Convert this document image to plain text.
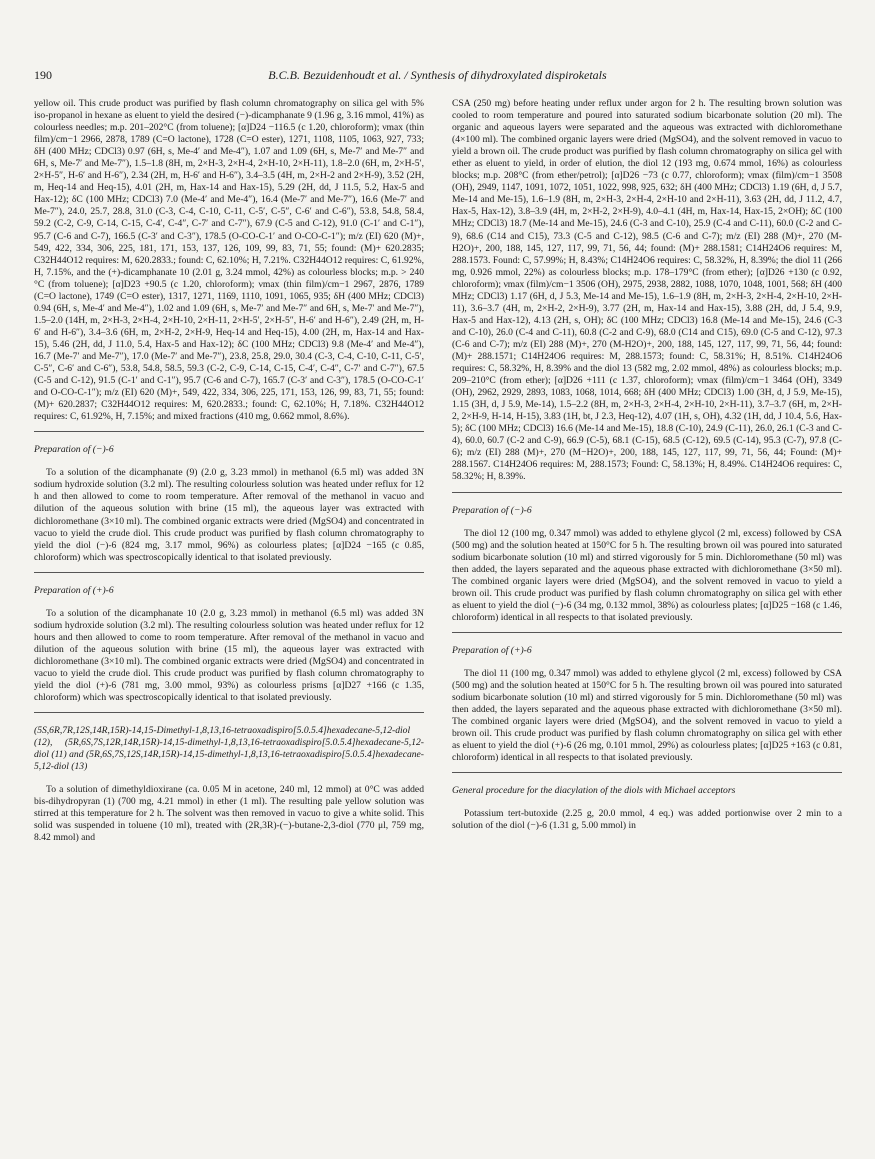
190	B.C.B. Bezuidenhoudt et al. / Synthesis of dihydroxylated dispiroketals

yellow oil. This crude product was purified by flash column chromatography on silica gel with 5% iso-propanol in hexane as eluent to yield the desired (−)-dicamphanate 9 (1.96 g, 3.16 mmol, 41%) as colourless needles; m.p. 201–202°C (from toluene); [α]D24 −116.5 (c 1.20, chloroform); νmax (thin film)/cm−1 2966, 2878, 1789 (C=O lactone), 1728 (C=O ester), 1271, 1108, 1105, 1063, 927, 733; δH (400 MHz; CDCl3) 0.97 (6H, s, Me-4′ and Me-4″), 1.07 and 1.09 (6H, s, Me-7′ and Me-7″ and 6H, s, Me-7′ and Me-7″), 1.5–1.8 (8H, m, 2×H-3, 2×H-4, 2×H-10, 2×H-11), 1.8–2.0 (6H, m, 2×H-5′, 2×H-5″, H-6′ and H-6″), 2.34 (2H, m, H-6′ and H-6″), 3.4–3.5 (4H, m, 2×H-2 and 2×H-9), 3.52 (2H, m, Heq-14 and Heq-15), 4.01 (2H, m, Hax-14 and Hax-15), 5.29 (2H, dd, J 11.5, 5.2, Hax-5 and Hax-12); δC (100 MHz; CDCl3) 7.0 (Me-4′ and Me-4″), 16.4 (Me-7′ and Me-7″), 16.6 (Me-7′ and Me-7″), 24.0, 25.7, 28.8, 31.0 (C-3, C-4, C-10, C-11, C-5′, C-5″, C-6′ and C-6″), 53.8, 54.8, 58.4, 59.2 (C-2, C-9, C-14, C-15, C-4′, C-4″, C-7′ and C-7″), 67.9 (C-5 and C-12), 91.0 (C-1′ and C-1″), 95.7 (C-6 and C-7), 166.5 (C-3′ and C-3″), 178.5 (O-CO-C-1′ and O-CO-C-1″); m/z (EI) 620 (M)+, 549, 422, 334, 306, 225, 181, 171, 153, 137, 126, 109, 99, 83, 71, 55; found: (M)+ 620.2835; C32H44O12 requires: M, 620.2833.; found: C, 62.10%; H, 7.21%. C32H44O12 requires: C, 61.92%, H, 7.15%, and the (+)-dicamphanate 10 (2.01 g, 3.24 mmol, 42%) as colourless blocks; m.p. > 240 °C (from toluene); [α]D23 +90.5 (c 1.20, chloroform); νmax (thin film)/cm−1 2967, 2876, 1789 (C=O lactone), 1749 (C=O ester), 1317, 1271, 1169, 1110, 1091, 1065, 935; δH (400 MHz; CDCl3) 0.94 (6H, s, Me-4′ and Me-4″), 1.02 and 1.09 (6H, s, Me-7′ and Me-7″ and 6H, s, Me-7′ and Me-7″), 1.5–2.0 (14H, m, 2×H-3, 2×H-4, 2×H-10, 2×H-11, 2×H-5′, 2×H-5″, H-6′ and H-6″), 2.49 (2H, m, H-6′ and H-6″), 3.4–3.6 (6H, m, 2×H-2, 2×H-9, Heq-14 and Heq-15), 4.00 (2H, m, Hax-14 and Hax-15), 5.46 (2H, dd, J 11.0, 5.4, Hax-5 and Hax-12); δC (100 MHz; CDCl3) 9.8 (Me-4′ and Me-4″), 16.7 (Me-7′ and Me-7″), 17.0 (Me-7′ and Me-7″), 23.8, 25.8, 29.0, 30.4 (C-3, C-4, C-10, C-11, C-5′, C-5″, C-6′ and C-6″), 53.8, 54.8, 58.5, 59.3 (C-2, C-9, C-14, C-15, C-4′, C-4″, C-7′ and C-7″), 67.5 (C-5 and C-12), 91.5 (C-1′ and C-1″), 95.7 (C-6 and C-7), 165.7 (C-3′ and C-3″), 178.5 (O-CO-C-1′ and O-CO-C-1″); m/z (EI) 620 (M)+, 549, 422, 334, 306, 225, 171, 153, 126, 99, 83, 71, 55; found: (M)+ 620.2837; C32H44O12 requires: M, 620.2833.; found: C, 62.10%; H, 7.18%. C32H44O12 requires: C, 61.92%, H, 7.15%; and mixed fractions (410 mg, 0.662 mmol, 8.6%).

Preparation of (−)-6

To a solution of the dicamphanate (9) (2.0 g, 3.23 mmol) in methanol (6.5 ml) was added 3N sodium hydroxide solution (3.2 ml). The resulting colourless solution was heated under reflux for 12 h and then allowed to come to room temperature. After removal of the methanol in vacuo and dilution of the aqueous solution with brine (15 ml), the aqueous layer was extracted with dichloromethane (3×10 ml). The combined organic extracts were dried (MgSO4) and concentrated in vacuo to yield the crude diol. This crude product was purified by flash column chromatography to yield the diol (−)-6 (824 mg, 3.17 mmol, 96%) as colourless plates; [α]D24 −165 (c 0.85, chloroform) which was spectroscopically identical to that isolated previously.

Preparation of (+)-6

To a solution of the dicamphanate 10 (2.0 g, 3.23 mmol) in methanol (6.5 ml) was added 3N sodium hydroxide solution (3.2 ml). The resulting colourless solution was heated under reflux for 12 hours and then allowed to come to room temperature. After removal of the methanol in vacuo and dilution of the aqueous solution with brine (15 ml), the aqueous layer was extracted with dichloromethane (3×10 ml). The combined organic extracts were dried (MgSO4) and concentrated in vacuo to yield the crude diol. This crude product was purified by flash column chromatography to yield the diol (+)-6 (781 mg, 3.00 mmol, 93%) as colourless prisms [α]D27 +166 (c 1.35, chloroform) which was spectroscopically identical to that isolated previously.

(5S,6R,7R,12S,14R,15R)-14,15-Dimethyl-1,8,13,16-tetraoxadispiro[5.0.5.4]hexadecane-5,12-diol (12), (5R,6S,7S,12R,14R,15R)-14,15-dimethyl-1,8,13,16-tetraoxadispiro[5.0.5.4]hexadecane-5,12-diol (11) and (5R,6S,7S,12S,14R,15R)-14,15-dimethyl-1,8,13,16-tetraoxadispiro[5.0.5.4]hexadecane-5,12-diol (13)

To a solution of dimethyldioxirane (ca. 0.05 M in acetone, 240 ml, 12 mmol) at 0°C was added bis-dihydropyran (1) (700 mg, 4.21 mmol) in ether (1 ml). The resulting pale yellow solution was stirred at this temperature for 2 h. The solvent was then removed in vacuo to give a white solid. This solid was suspended in toluene (10 ml), treated with (2R,3R)-(−)-butane-2,3-diol (770 μl, 759 mg, 8.42 mmol) and

CSA (250 mg) before heating under reflux under argon for 2 h. The resulting brown solution was cooled to room temperature and poured into saturated sodium bicarbonate solution (20 ml). The organic and aqueous layers were separated and the aqueous was extracted with dichloromethane (4×100 ml). The combined organic layers were dried (MgSO4), and the solvent removed in vacuo to yield a brown oil. The crude product was purified by flash column chromatography on silica gel with ether as eluent to yield, in order of elution, the diol 12 (193 mg, 0.674 mmol, 16%) as colourless blocks; m.p. 208°C (from ether/petrol); [α]D26 −73 (c 0.77, chloroform); νmax (film)/cm−1 3508 (OH), 2949, 1147, 1091, 1072, 1051, 1022, 998, 925, 632; δH (400 MHz; CDCl3) 1.19 (6H, d, J 5.7, Me-14 and Me-15), 1.6–1.9 (8H, m, 2×H-3, 2×H-4, 2×H-10 and 2×H-11), 3.63 (2H, dd, J 11.2, 4.7, Hax-5, Hax-12), 3.8–3.9 (4H, m, 2×H-2, 2×H-9), 4.0–4.1 (4H, m, Hax-14, Hax-15, 2×OH); δC (100 MHz; CDCl3) 18.7 (Me-14 and Me-15), 24.6 (C-3 and C-10), 25.9 (C-4 and C-11), 60.0 (C-2 and C-9), 68.6 (C14 and C15), 73.3 (C-5 and C-12), 98.5 (C-6 and C-7); m/z (EI) 288 (M)+, 270 (M-H2O)+, 200, 188, 145, 127, 117, 99, 71, 56, 44; found: (M)+ 288.1581; C14H24O6 requires: M, 288.1573. Found: C, 57.99%; H, 8.43%; C14H24O6 requires: C, 58.32%, H, 8.39%; the diol 11 (266 mg, 0.926 mmol, 22%) as colourless blocks; m.p. 178–179°C (from ether); [α]D26 +130 (c 0.92, chloroform); νmax (film)/cm−1 3506 (OH), 2975, 2938, 2882, 1088, 1070, 1048, 1001, 568; δH (400 MHz; CDCl3) 1.17 (6H, d, J 5.3, Me-14 and Me-15), 1.6–1.9 (8H, m, 2×H-3, 2×H-4, 2×H-10, 2×H-11), 3.6–3.7 (4H, m, 2×H-2, 2×H-9), 3.77 (2H, m, Hax-14 and Hax-15), 3.88 (2H, dd, J 5.4, 9.9, Hax-5 and Hax-12), 4.13 (2H, s, OH); δC (100 MHz; CDCl3) 16.8 (Me-14 and Me-15), 24.6 (C-3 and C-10), 26.0 (C-4 and C-11), 60.8 (C-2 and C-9), 68.0 (C14 and C15), 69.0 (C-5 and C-12), 97.3 (C-6 and C-7); m/z (EI) 288 (M)+, 270 (M-H2O)+, 200, 188, 145, 127, 117, 99, 71, 56, 44; found: (M)+ 288.1571; C14H24O6 requires: M, 288.1573; found: C, 58.31%; H, 8.51%. C14H24O6 requires: C, 58.32%, H, 8.39% and the diol 13 (582 mg, 2.02 mmol, 48%) as colourless blocks; m.p. 209–210°C (from ether); [α]D26 +111 (c 1.37, chloroform); νmax (film)/cm−1 3464 (OH), 3349 (OH), 2962, 2929, 2893, 1083, 1068, 1014, 668; δH (400 MHz; CDCl3) 1.00 (3H, d, J 5.9, Me-15), 1.15 (3H, d, J 5.9, Me-14), 1.5–2.2 (8H, m, 2×H-3, 2×H-4, 2×H-10, 2×H-11), 3.7–3.7 (6H, m, 2×H-2, 2×H-9, H-14, H-15), 3.83 (1H, bt, J 2.3, Heq-12), 4.07 (1H, s, OH), 4.32 (1H, dd, J 10.4, 5.6, Hax-5); δC (100 MHz; CDCl3) 16.6 (Me-14 and Me-15), 18.8 (C-10), 24.9 (C-11), 26.0, 26.1 (C-3 and C-4), 60.0, 60.7 (C-2 and C-9), 66.9 (C-5), 68.1 (C-15), 68.5 (C-12), 69.5 (C-14), 95.3 (C-7), 97.8 (C-6); m/z (EI) 288 (M)+, 270 (M−H2O)+, 200, 188, 145, 127, 117, 99, 71, 56, 44; Found: (M)+ 288.1567. C14H24O6 requires: M, 288.1573; Found: C, 58.13%; H, 8.49%. C14H24O6 requires: C, 58.32%; H, 8.39%.

Preparation of (−)-6

The diol 12 (100 mg, 0.347 mmol) was added to ethylene glycol (2 ml, excess) followed by CSA (500 mg) and the solution heated at 150°C for 5 h. The resulting brown oil was poured into saturated sodium bicarbonate solution (10 ml) and stirred vigorously for 5 min. Dichloromethane (50 ml) was then added, the layers separated and the aqueous phase extracted with dichloromethane (3×50 ml). The combined organic layers were dried (MgSO4), and the solvent removed in vacuo to yield a brown oil. This crude product was purified by flash column chromatography on silica gel with ether as eluent to yield the diol (−)-6 (34 mg, 0.132 mmol, 38%) as colourless plates; [α]D25 −168 (c 1.46, chloroform) identical in all respects to that isolated previously.

Preparation of (+)-6

The diol 11 (100 mg, 0.347 mmol) was added to ethylene glycol (2 ml, excess) followed by CSA (500 mg) and the solution heated at 150°C for 5 h. The resulting brown oil was poured into saturated sodium bicarbonate solution (10 ml) and stirred vigorously for 5 min. Dichloromethane (50 ml) was then added, the layers separated and the aqueous phase extracted with dichloromethane (3×50 ml). The combined organic layers were dried (MgSO4), and the solvent removed in vacuo to yield a brown oil. This crude product was purified by flash column chromatography on silica gel with ether as eluent to yield the diol (+)-6 (26 mg, 0.101 mmol, 29%) as colourless plates; [α]D25 +163 (c 0.81, chloroform) identical in all respects to that isolated previously.

General procedure for the diacylation of the diols with Michael acceptors

Potassium tert-butoxide (2.25 g, 20.0 mmol, 4 eq.) was added portionwise over 2 min to a solution of the diol (−)-6 (1.31 g, 5.00 mmol) in
